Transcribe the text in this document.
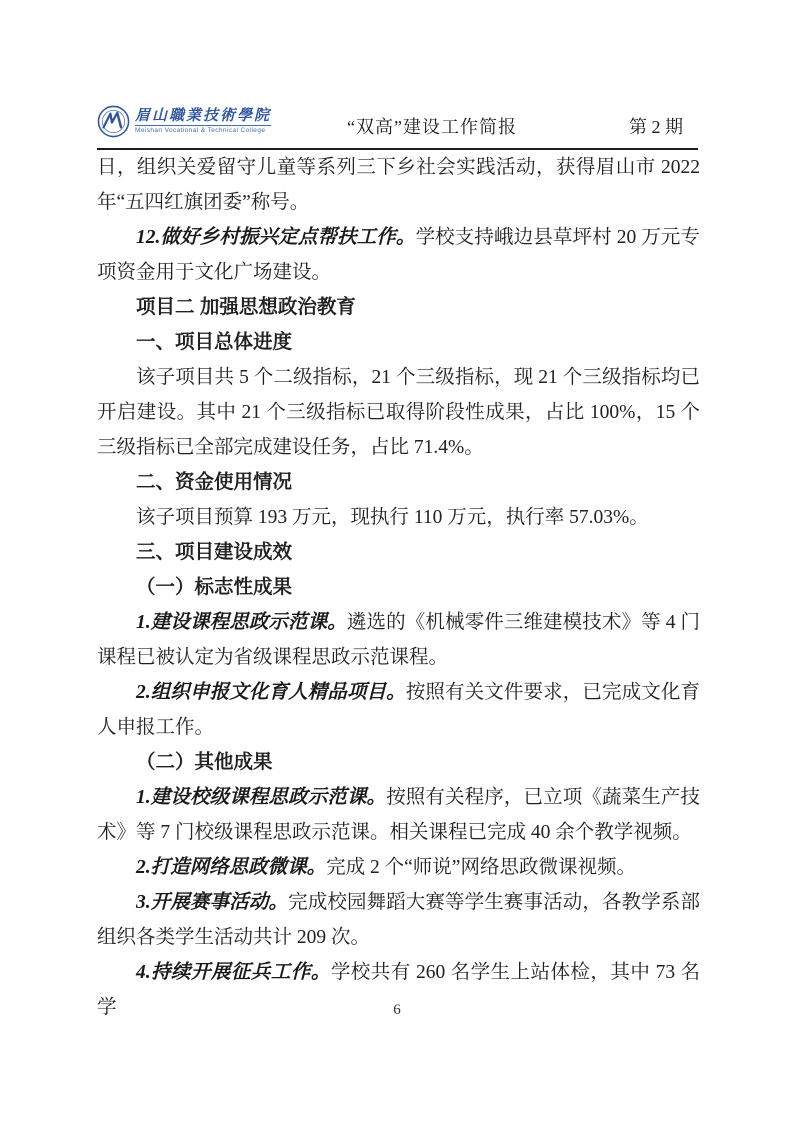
眉山職業技術學院
Meishan Vocational & Technical College	“双高”建设工作简报	第 2 期

日，组织关爱留守儿童等系列三下乡社会实践活动，获得眉山市 2022 年“五四红旗团委”称号。

12.做好乡村振兴定点帮扶工作。学校支持峨边县草坪村 20 万元专项资金用于文化广场建设。

项目二 加强思想政治教育

一、项目总体进度

该子项目共 5 个二级指标，21 个三级指标，现 21 个三级指标均已开启建设。其中 21 个三级指标已取得阶段性成果，占比 100%，15 个三级指标已全部完成建设任务，占比 71.4%。

二、资金使用情况

该子项目预算 193 万元，现执行 110 万元，执行率 57.03%。

三、项目建设成效

（一）标志性成果

1.建设课程思政示范课。遴选的《机械零件三维建模技术》等 4 门课程已被认定为省级课程思政示范课程。

2.组织申报文化育人精品项目。按照有关文件要求，已完成文化育人申报工作。

（二）其他成果

1.建设校级课程思政示范课。按照有关程序，已立项《蔬菜生产技术》等 7 门校级课程思政示范课。相关课程已完成 40 余个教学视频。

2.打造网络思政微课。完成 2 个“师说”网络思政微课视频。

3.开展赛事活动。完成校园舞蹈大赛等学生赛事活动，各教学系部组织各类学生活动共计 209 次。

4.持续开展征兵工作。学校共有 260 名学生上站体检，其中 73 名学	6
